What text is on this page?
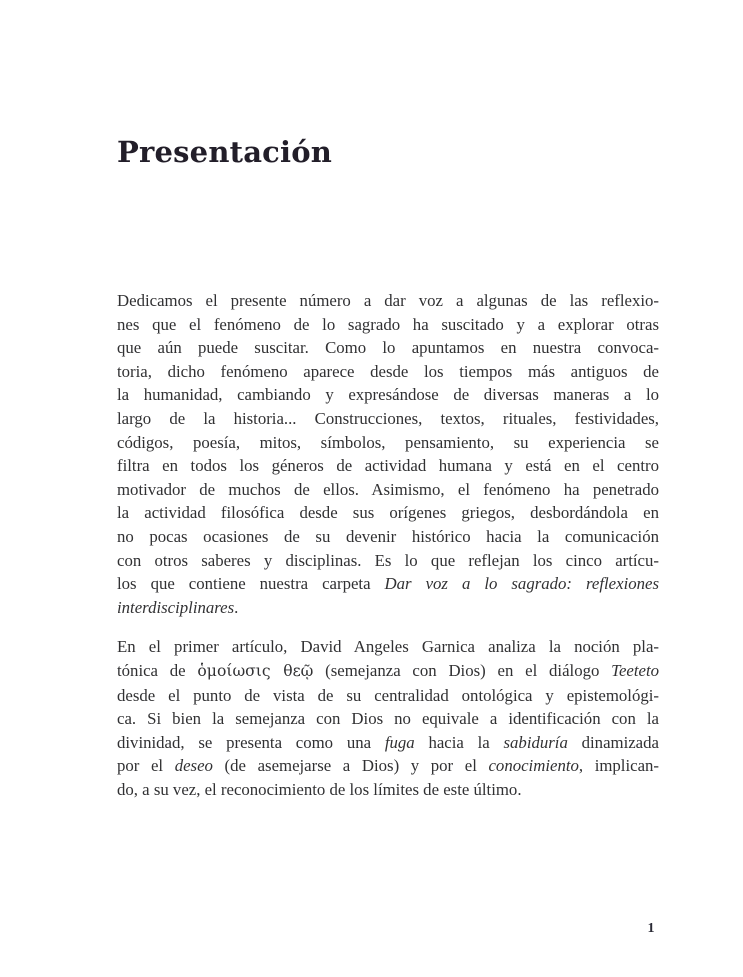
Presentación
Dedicamos el presente número a dar voz a algunas de las reflexio-
nes que el fenómeno de lo sagrado ha suscitado y a explorar otras
que aún puede suscitar. Como lo apuntamos en nuestra convoca-
toria, dicho fenómeno aparece desde los tiempos más antiguos de
la humanidad, cambiando y expresándose de diversas maneras a lo
largo de la historia... Construcciones, textos, rituales, festividades,
códigos, poesía, mitos, símbolos, pensamiento, su experiencia se
filtra en todos los géneros de actividad humana y está en el centro
motivador de muchos de ellos. Asimismo, el fenómeno ha penetrado
la actividad filosófica desde sus orígenes griegos, desbordándola en
no pocas ocasiones de su devenir histórico hacia la comunicación
con otros saberes y disciplinas. Es lo que reflejan los cinco artícu-
los que contiene nuestra carpeta Dar voz a lo sagrado: reflexiones
interdisciplinares.
En el primer artículo, David Angeles Garnica analiza la noción pla-
tónica de ὁμοίωσις θεῷ (semejanza con Dios) en el diálogo Teeteto
desde el punto de vista de su centralidad ontológica y epistemológi-
ca. Si bien la semejanza con Dios no equivale a identificación con la
divinidad, se presenta como una fuga hacia la sabiduría dinamizada
por el deseo (de asemejarse a Dios) y por el conocimiento, implican-
do, a su vez, el reconocimiento de los límites de este último.
1
